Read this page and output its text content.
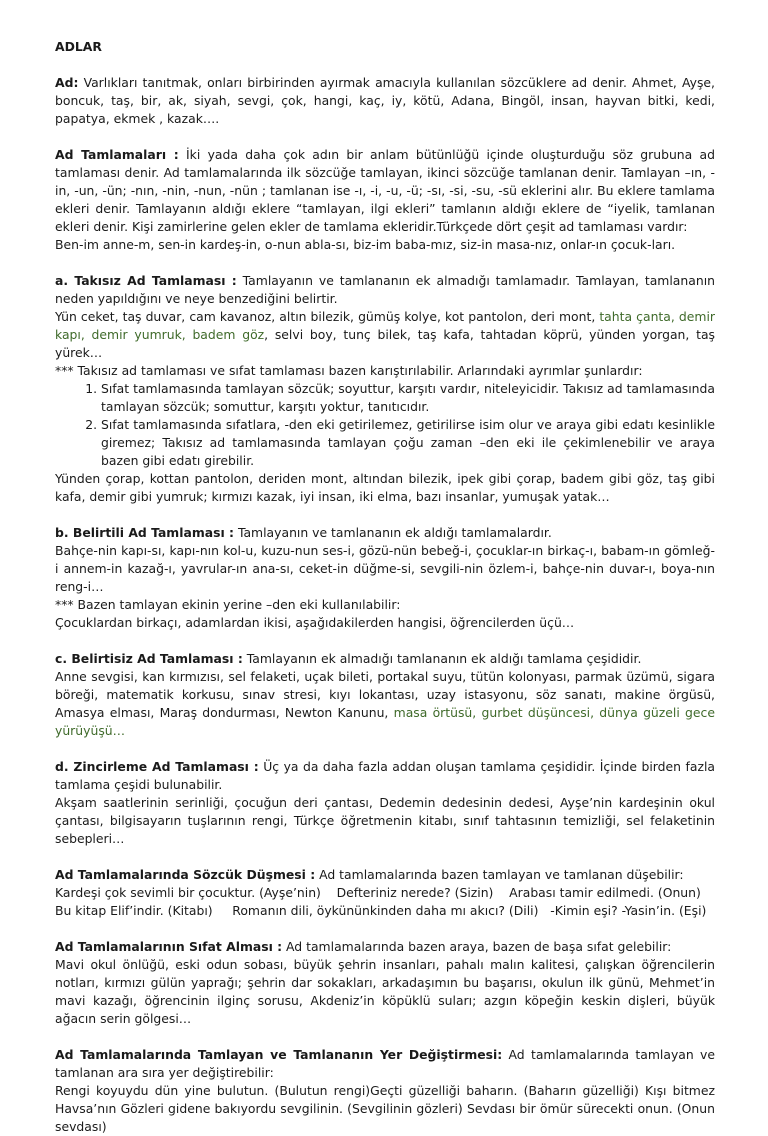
ADLAR

Ad: Varlıkları tanıtmak, onları birbirinden ayırmak amacıyla kullanılan sözcüklere ad denir. Ahmet, Ayşe, boncuk, taş, bir, ak, siyah, sevgi, çok, hangi, kaç, iy, kötü, Adana, Bingöl, insan, hayvan bitki, kedi, papatya, ekmek , kazak….

Ad Tamlamaları : İki yada daha çok adın bir anlam bütünlüğü içinde oluşturduğu söz grubuna ad tamlaması denir. Ad tamlamalarında ilk sözcüğe tamlayan, ikinci sözcüğe tamlanan denir. Tamlayan –ın, -in, -un, -ün; -nın, -nin, -nun, -nün ; tamlanan ise -ı, -i, -u, -ü; -sı, -si, -su, -sü eklerini alır. Bu eklere tamlama ekleri denir. Tamlayanın aldığı eklere “tamlayan, ilgi ekleri” tamlanın aldığı eklere de “iyelik, tamlanan ekleri denir. Kişi zamirlerine gelen ekler de tamlama ekleridir.Türkçede dört çeşit ad tamlaması vardır:

Ben-im anne-m, sen-in kardeş-in, o-nun abla-sı, biz-im baba-mız, siz-in masa-nız, onlar-ın çocuk-ları.

a. Takısız Ad Tamlaması : Tamlayanın ve tamlananın ek almadığı tamlamadır. Tamlayan, tamlananın neden yapıldığını ve neye benzediğini belirtir.

Yün ceket, taş duvar, cam kavanoz, altın bilezik, gümüş kolye, kot pantolon, deri mont, tahta çanta, demir kapı, demir yumruk, badem göz, selvi boy, tunç bilek, taş kafa, tahtadan köprü, yünden yorgan, taş yürek…

*** Takısız ad tamlaması ve sıfat tamlaması bazen karıştırılabilir. Arlarındaki ayrımlar şunlardır:

1. Sıfat tamlamasında tamlayan sözcük; soyuttur, karşıtı vardır, niteleyicidir. Takısız ad tamlamasında tamlayan sözcük; somuttur, karşıtı yoktur, tanıtıcıdır.
2. Sıfat tamlamasında sıfatlara, -den eki getirilemez, getirilirse isim olur ve araya gibi edatı kesinlikle giremez; Takısız ad tamlamasında tamlayan çoğu zaman –den eki ile çekimlenebilir ve araya bazen gibi edatı girebilir.

Yünden çorap, kottan pantolon, deriden mont, altından bilezik, ipek gibi çorap, badem gibi göz, taş gibi kafa, demir gibi yumruk; kırmızı kazak, iyi insan, iki elma, bazı insanlar, yumuşak yatak…

b. Belirtili Ad Tamlaması : Tamlayanın ve tamlananın ek aldığı tamlamalardır.

Bahçe-nin kapı-sı, kapı-nın kol-u, kuzu-nun ses-i, gözü-nün bebeğ-i, çocuklar-ın birkaç-ı, babam-ın gömleğ-i annem-in kazağ-ı, yavrular-ın ana-sı, ceket-in düğme-si, sevgili-nin özlem-i, bahçe-nin duvar-ı, boya-nın reng-i…

*** Bazen tamlayan ekinin yerine –den eki kullanılabilir:

Çocuklardan birkaçı, adamlardan ikisi, aşağıdakilerden hangisi, öğrencilerden üçü…

c. Belirtisiz Ad Tamlaması : Tamlayanın ek almadığı tamlananın ek aldığı tamlama çeşididir.

Anne sevgisi, kan kırmızısı, sel felaketi, uçak bileti, portakal suyu, tütün kolonyası, parmak üzümü, sigara böreği, matematik korkusu, sınav stresi, kıyı lokantası, uzay istasyonu, söz sanatı, makine örgüsü, Amasya elması, Maraş dondurması, Newton Kanunu, masa örtüsü, gurbet düşüncesi, dünya güzeli gece yürüyüşü…

d. Zincirleme Ad Tamlaması : Üç ya da daha fazla addan oluşan tamlama çeşididir. İçinde birden fazla tamlama çeşidi bulunabilir.

Akşam saatlerinin serinliği, çocuğun deri çantası, Dedemin dedesinin dedesi, Ayşe’nin kardeşinin okul çantası, bilgisayarın tuşlarının rengi, Türkçe öğretmenin kitabı, sınıf tahtasının temizliği, sel felaketinin sebepleri…

Ad Tamlamalarında Sözcük Düşmesi : Ad tamlamalarında bazen tamlayan ve tamlanan düşebilir:

Kardeşi çok sevimli bir çocuktur. (Ayşe’nin)    Defteriniz nerede? (Sizin)    Arabası tamir edilmedi. (Onun)

Bu kitap Elif’indir. (Kitabı)     Romanın dili, öykününkinden daha mı akıcı? (Dili)   -Kimin eşi? -Yasin’in. (Eşi)

Ad Tamlamalarının Sıfat Alması : Ad tamlamalarında bazen araya, bazen de başa sıfat gelebilir:

Mavi okul önlüğü, eski odun sobası, büyük şehrin insanları, pahalı malın kalitesi, çalışkan öğrencilerin notları, kırmızı gülün yaprağı; şehrin dar sokakları, arkadaşımın bu başarısı, okulun ilk günü, Mehmet’in mavi kazağı, öğrencinin ilginç sorusu, Akdeniz’in köpüklü suları; azgın köpeğin keskin dişleri, büyük ağacın serin gölgesi…

Ad Tamlamalarında Tamlayan ve Tamlananın Yer Değiştirmesi: Ad tamlamalarında tamlayan ve tamlanan ara sıra yer değiştirebilir:

Rengi koyuydu dün yine bulutun. (Bulutun rengi)Geçti güzelliği baharın. (Baharın güzelliği) Kışı bitmez Havsa’nın Gözleri gidene bakıyordu sevgilinin. (Sevgilinin gözleri) Sevdası bir ömür sürecekti onun. (Onun sevdası)
